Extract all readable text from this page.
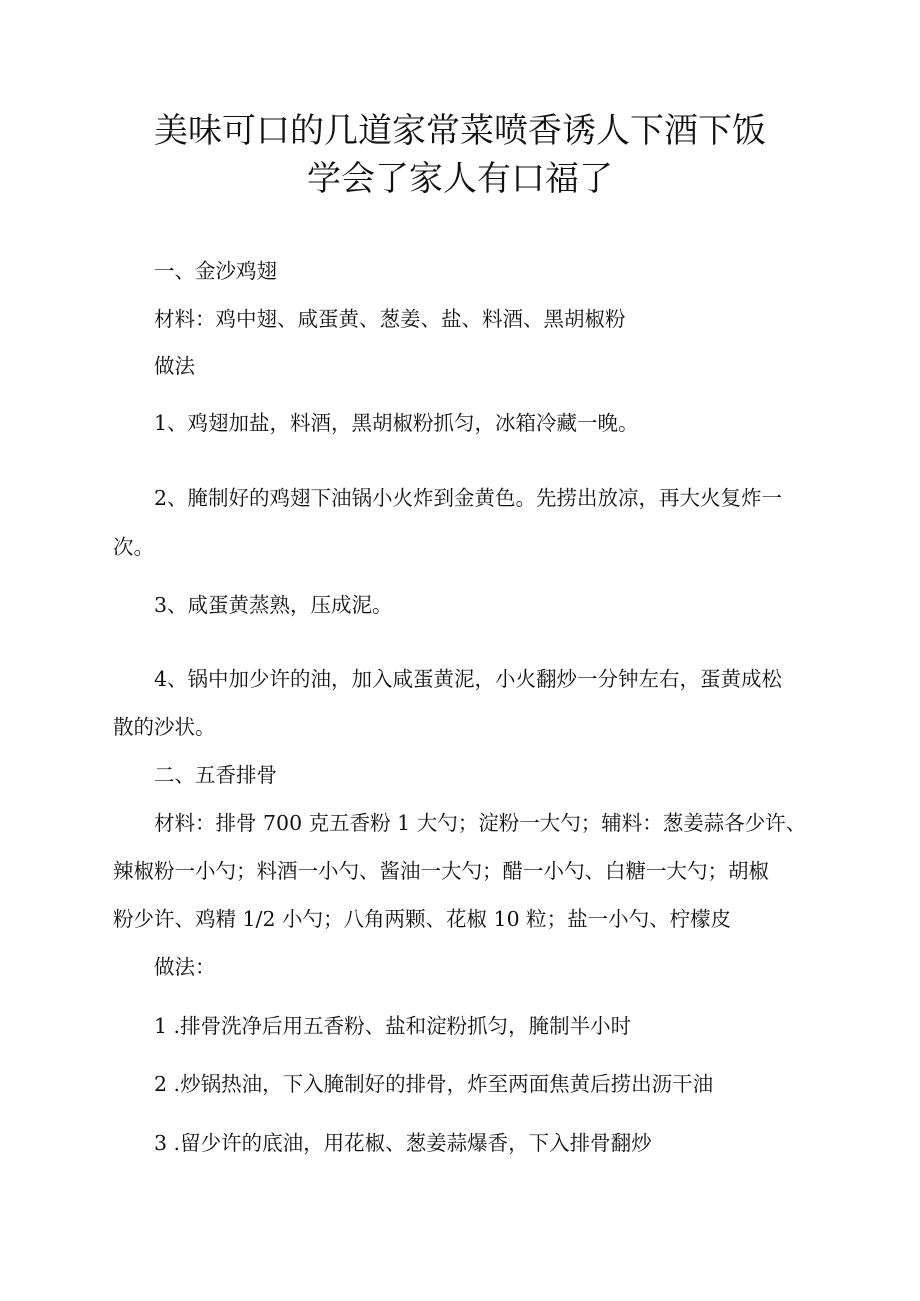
美味可口的几道家常菜喷香诱人下酒下饭
学会了家人有口福了
一、金沙鸡翅
材料：鸡中翅、咸蛋黄、葱姜、盐、料酒、黑胡椒粉
做法
1、鸡翅加盐，料酒，黑胡椒粉抓匀，冰箱冷藏一晚。
2、腌制好的鸡翅下油锅小火炸到金黄色。先捞出放凉，再大火复炸一
次。
3、咸蛋黄蒸熟，压成泥。
4、锅中加少许的油，加入咸蛋黄泥，小火翻炒一分钟左右，蛋黄成松
散的沙状。
二、五香排骨
材料：排骨 700 克五香粉 1 大勺；淀粉一大勺；辅料：葱姜蒜各少许、
辣椒粉一小勺；料酒一小勺、酱油一大勺；醋一小勺、白糖一大勺；胡椒
粉少许、鸡精 1/2 小勺；八角两颗、花椒 10 粒；盐一小勺、柠檬皮
做法：
1 .排骨洗净后用五香粉、盐和淀粉抓匀，腌制半小时
2 .炒锅热油，下入腌制好的排骨，炸至两面焦黄后捞出沥干油
3 .留少许的底油，用花椒、葱姜蒜爆香，下入排骨翻炒
